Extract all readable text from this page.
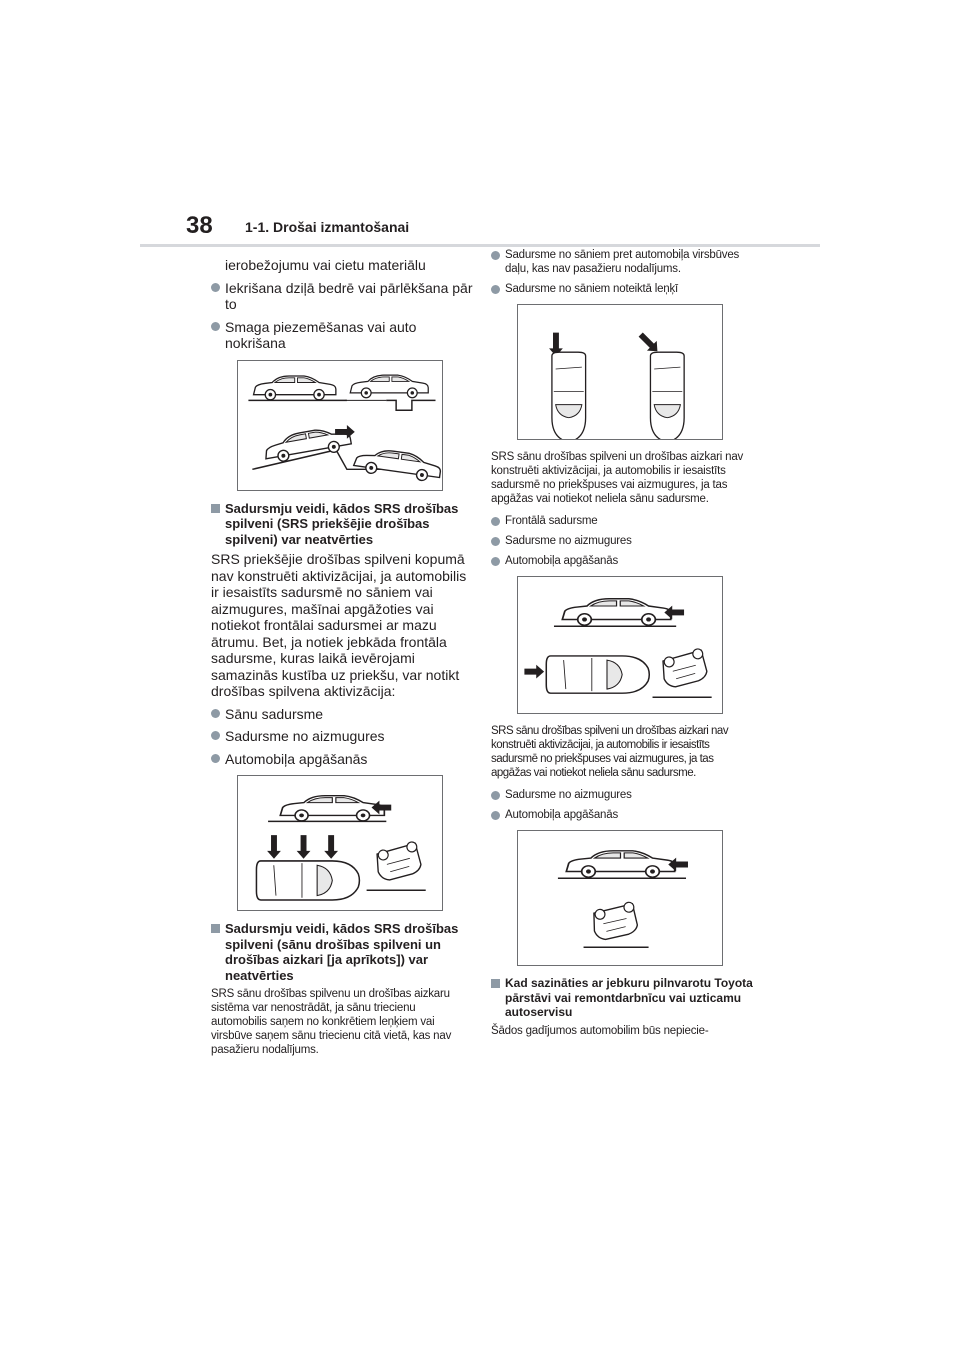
38 1-1. Drošai izmantošanai

ierobežojumu vai cietu materiālu

Iekrišana dziļā bedrē vai pārlēkšana pār to
Smaga piezemēšanas vai auto nokrišana
Sadursmju veidi, kādos SRS drošības spilveni (SRS priekšējie drošības spilveni) var neatvērties

SRS priekšējie drošības spilveni kopumā nav konstruēti aktivizācijai, ja automobilis ir iesaistīts sadursmē no sāniem vai aizmugures, mašīnai apgāžoties vai notiekot frontālai sadursmei ar mazu ātrumu. Bet, ja notiek jebkāda frontāla sadursme, kuras laikā ievērojami samazinās kustība uz priekšu, var notikt drošības spilvena aktivizācija:

Sānu sadursme
Sadursme no aizmugures
Automobiļa apgāšanās
Sadursmju veidi, kādos SRS drošības spilveni (sānu drošības spilveni un drošības aizkari [ja aprīkots]) var neatvērties

SRS sānu drošības spilvenu un drošības aizkaru sistēma var nenostrādāt, ja sānu triecienu automobilis saņem no konkrētiem leņķiem vai virsbūve saņem sānu triecienu citā vietā, kas nav pasažieru nodalījums.

Sadursme no sāniem pret automobiļa virsbūves daļu, kas nav pasažieru nodalījums.
Sadursme no sāniem noteiktā leņķī

SRS sānu drošības spilveni un drošības aizkari nav konstruēti aktivizācijai, ja automobilis ir iesaistīts sadursmē no priekšpuses vai aizmugures, ja tas apgāžas vai notiekot neliela sānu sadursme.

Frontālā sadursme
Sadursme no aizmugures
Automobiļa apgāšanās

SRS sānu drošības spilveni un drošības aizkari nav konstruēti aktivizācijai, ja automobilis ir iesaistīts sadursmē no priekšpuses vai aizmugures, ja tas apgāžas vai notiekot neliela sānu sadursme.

Sadursme no aizmugures
Automobiļa apgāšanās
Kad sazināties ar jebkuru pilnvarotu Toyota pārstāvi vai remontdarbnīcu vai uzticamu autoservisu

Šādos gadījumos automobilim būs nepiecie-
